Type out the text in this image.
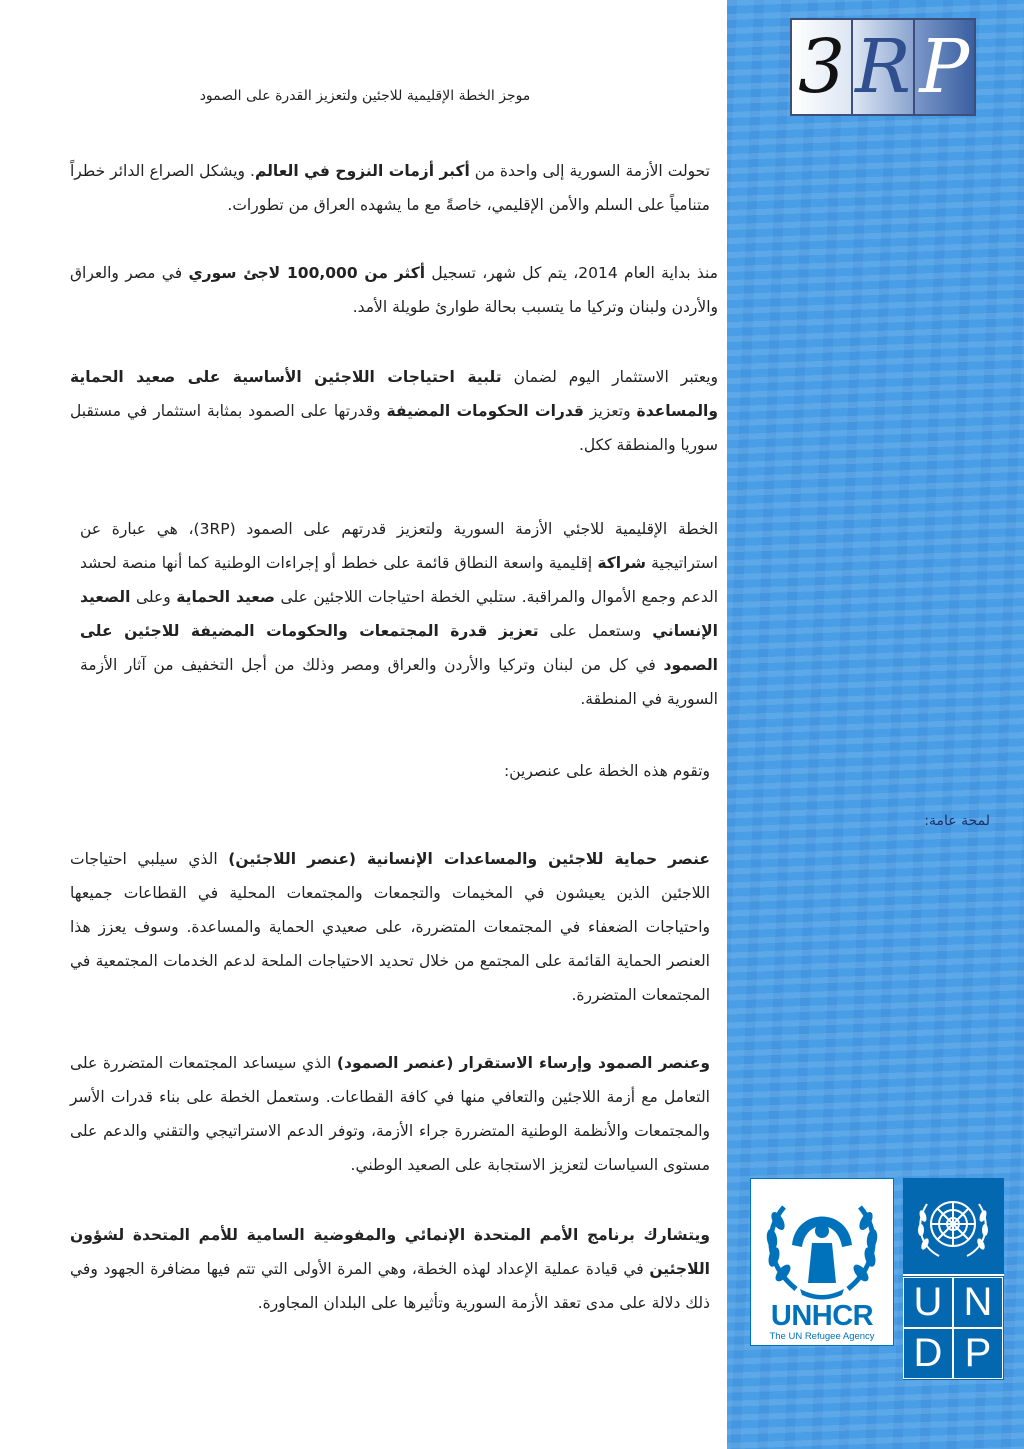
3 R P
موجز الخطة الإقليمية للاجئين ولتعزيز القدرة على الصمود
تحولت الأزمة السورية إلى واحدة من أكبر أزمات النزوح في العالم. ويشكل الصراع الدائر خطراً متنامياً على السلم والأمن الإقليمي، خاصةً مع ما يشهده العراق من تطورات.
منذ بداية العام 2014، يتم كل شهر، تسجيل أكثر من 100,000 لاجئ سوري في مصر والعراق والأردن ولبنان وتركيا ما يتسبب بحالة طوارئ طويلة الأمد.
ويعتبر الاستثمار اليوم لضمان تلبية احتياجات اللاجئين الأساسية على صعيد الحماية والمساعدة وتعزيز قدرات الحكومات المضيفة وقدرتها على الصمود بمثابة استثمار في مستقبل سوريا والمنطقة ككل.
الخطة الإقليمية للاجئي الأزمة السورية ولتعزيز قدرتهم على الصمود (3RP)، هي عبارة عن استراتيجية شراكة إقليمية واسعة النطاق قائمة على خطط أو إجراءات الوطنية كما أنها منصة لحشد الدعم وجمع الأموال والمراقبة. ستلبي الخطة احتياجات اللاجئين على صعيد الحماية وعلى الصعيد الإنساني وستعمل على تعزيز قدرة المجتمعات والحكومات المضيفة للاجئين على الصمود في كل من لبنان وتركيا والأردن والعراق ومصر وذلك من أجل التخفيف من آثار الأزمة السورية في المنطقة.
وتقوم هذه الخطة على عنصرين:
عنصر حماية للاجئين والمساعدات الإنسانية (عنصر اللاجئين) الذي سيلبي احتياجات اللاجئين الذين يعيشون في المخيمات والتجمعات والمجتمعات المحلية في القطاعات جميعها واحتياجات الضعفاء في المجتمعات المتضررة، على صعيدي الحماية والمساعدة. وسوف يعزز هذا العنصر الحماية القائمة على المجتمع من خلال تحديد الاحتياجات الملحة لدعم الخدمات المجتمعية في المجتمعات المتضررة.
وعنصر الصمود وإرساء الاستقرار (عنصر الصمود) الذي سيساعد المجتمعات المتضررة على التعامل مع أزمة اللاجئين والتعافي منها في كافة القطاعات. وستعمل الخطة على بناء قدرات الأسر والمجتمعات والأنظمة الوطنية المتضررة جراء الأزمة، وتوفر الدعم الاستراتيجي والتقني والدعم على مستوى السياسات لتعزيز الاستجابة على الصعيد الوطني.
ويتشارك برنامج الأمم المتحدة الإنمائي والمفوضية السامية للأمم المتحدة لشؤون اللاجئين في قيادة عملية الإعداد لهذه الخطة، وهي المرة الأولى التي تتم فيها مضافرة الجهود وفي ذلك دلالة على مدى تعقد الأزمة السورية وتأثيرها على البلدان المجاورة.
لمحة عامة:
UNHCR
The UN Refugee Agency
U N
D P
